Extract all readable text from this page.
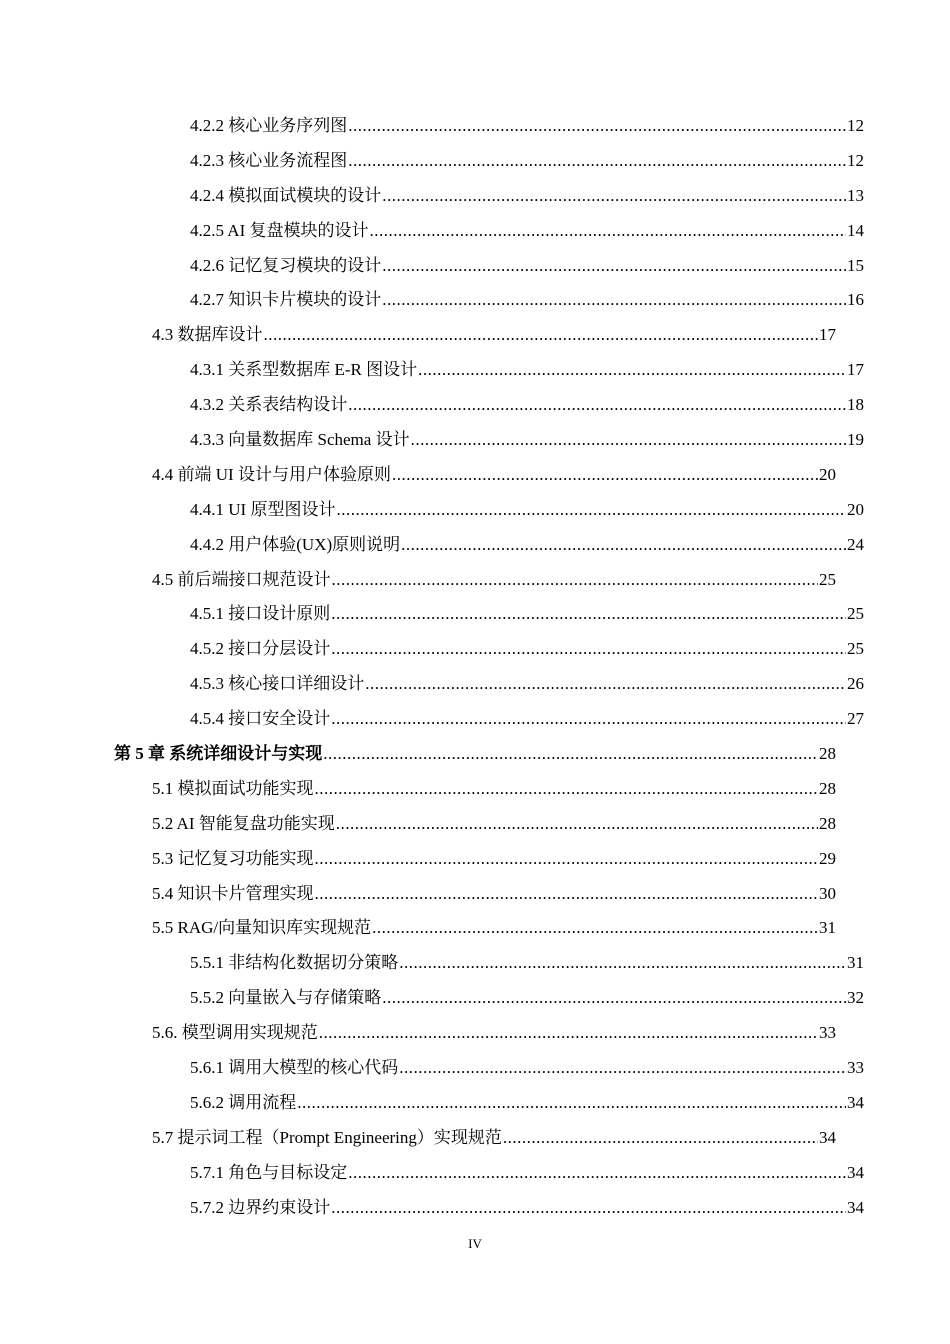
4.2.2 核心业务序列图 .....	12
4.2.3 核心业务流程图 .....	12
4.2.4 模拟面试模块的设计 .....	13
4.2.5 AI 复盘模块的设计 .....	14
4.2.6 记忆复习模块的设计 .....	15
4.2.7 知识卡片模块的设计 .....	16
4.3 数据库设计 .....	17
4.3.1 关系型数据库 E-R 图设计 .....	17
4.3.2 关系表结构设计 .....	18
4.3.3 向量数据库 Schema 设计 .....	19
4.4 前端 UI 设计与用户体验原则 .....	20
4.4.1 UI 原型图设计 .....	20
4.4.2 用户体验(UX)原则说明 .....	24
4.5 前后端接口规范设计 .....	25
4.5.1 接口设计原则 .....	25
4.5.2 接口分层设计 .....	25
4.5.3 核心接口详细设计 .....	26
4.5.4 接口安全设计 .....	27
第 5 章 系统详细设计与实现 .....	28
5.1 模拟面试功能实现 .....	28
5.2 AI 智能复盘功能实现 .....	28
5.3 记忆复习功能实现 .....	29
5.4 知识卡片管理实现 .....	30
5.5 RAG/向量知识库实现规范 .....	31
5.5.1 非结构化数据切分策略 .....	31
5.5.2 向量嵌入与存储策略 .....	32
5.6. 模型调用实现规范 .....	33
5.6.1 调用大模型的核心代码 .....	33
5.6.2 调用流程 .....	34
5.7 提示词工程（Prompt Engineering）实现规范 .....	34
5.7.1 角色与目标设定 .....	34
5.7.2 边界约束设计 .....	34
IV
